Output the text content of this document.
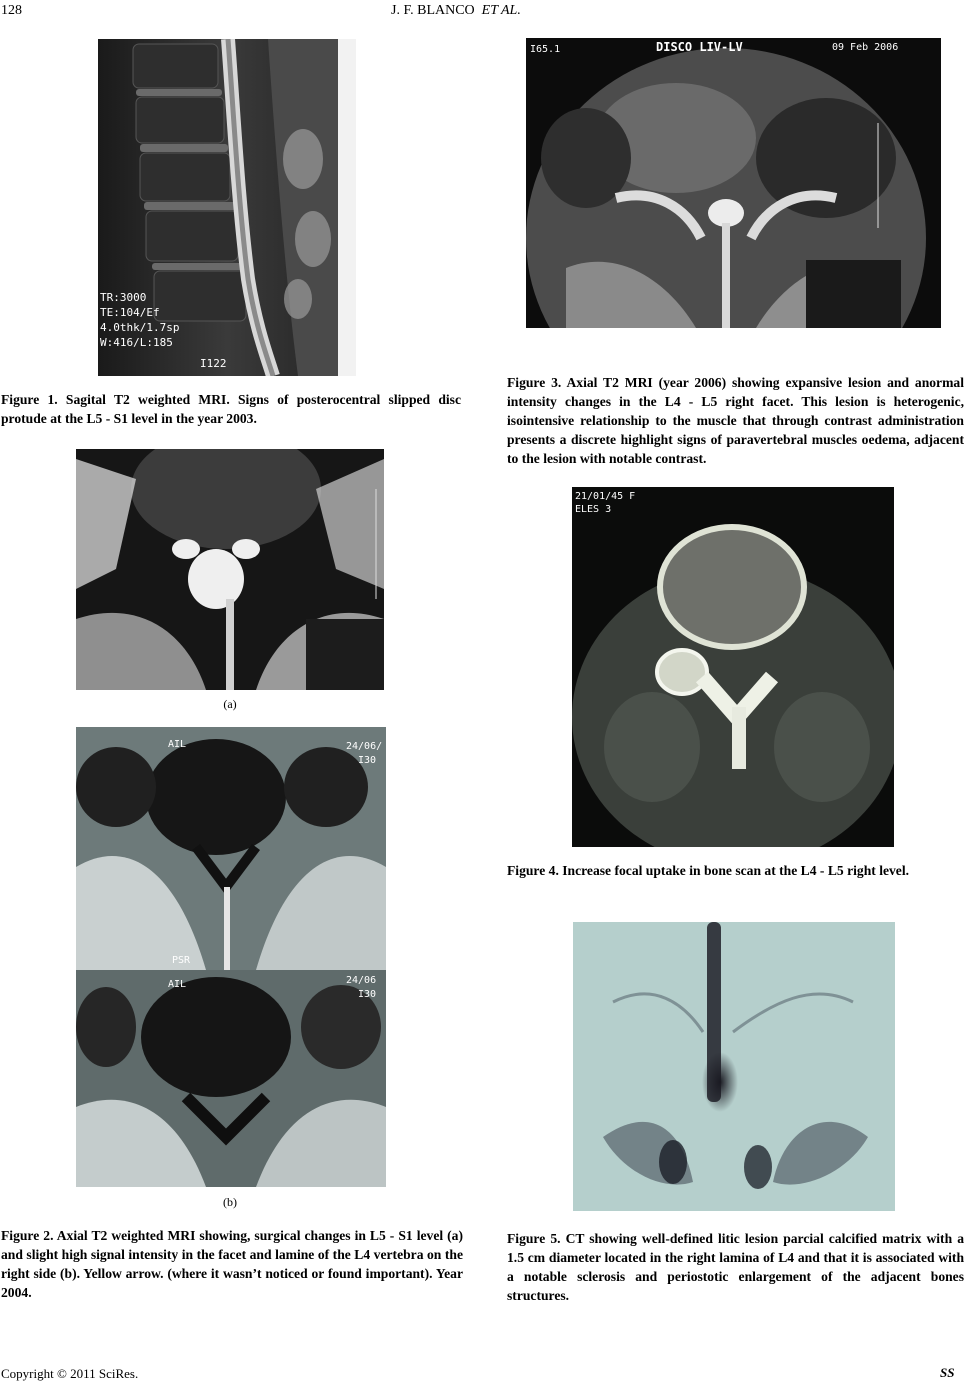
128	J. F. BLANCO ET AL.
TR:3000
TE:104/Ef
4.0thk/1.7sp
W:416/L:185
I122
Figure 1. Sagital T2 weighted MRI. Signs of posterocentral slipped disc protude at the L5 - S1 level in the year 2003.
(a)
AIL	24/06/
I30
PSR
AIL	24/06
I30
(b)
Figure 2. Axial T2 weighted MRI showing, surgical changes in L5 - S1 level (a) and slight high signal intensity in the facet and lamine of the L4 vertebra on the right side (b). Yellow arrow. (where it wasn’t noticed or found important). Year 2004.
I65.1	DISCO LIV-LV	09 Feb 2006
Figure 3. Axial T2 MRI (year 2006) showing expansive lesion and anormal intensity changes in the L4 - L5 right facet. This lesion is heterogenic, isointensive relationship to the muscle that through contrast administration presents a discrete highlight signs of paravertebral muscles oedema, adjacent to the lesion with notable contrast.
21/01/45 F
ELES 3
Figure 4. Increase focal uptake in bone scan at the L4 - L5 right level.
Figure 5. CT showing well-defined litic lesion parcial calcified matrix with a 1.5 cm diameter located in the right lamina of L4 and that it is associated with a notable sclerosis and periostotic enlargement of the adjacent bones structures.
Copyright © 2011 SciRes.	SS
